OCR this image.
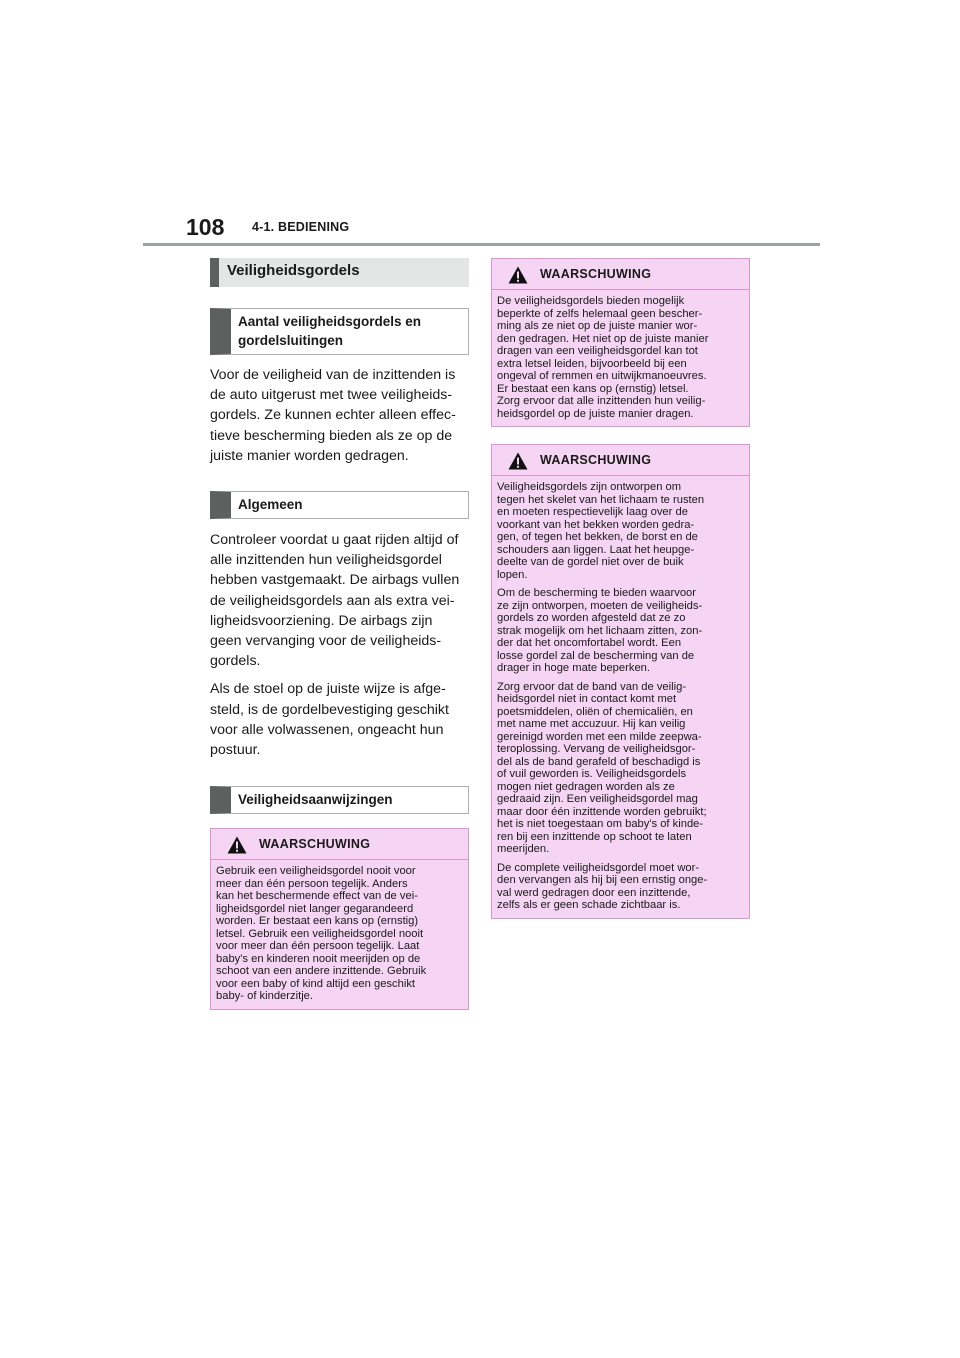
108 4-1. BEDIENING
Veiligheidsgordels
Aantal veiligheidsgordels en
gordelsluitingen

Voor de veiligheid van de inzittenden is
de auto uitgerust met twee veiligheids-
gordels. Ze kunnen echter alleen effec-
tieve bescherming bieden als ze op de
juiste manier worden gedragen.

Algemeen

Controleer voordat u gaat rijden altijd of
alle inzittenden hun veiligheidsgordel
hebben vastgemaakt. De airbags vullen
de veiligheidsgordels aan als extra vei-
ligheidsvoorziening. De airbags zijn
geen vervanging voor de veiligheids-
gordels.

Als de stoel op de juiste wijze is afge-
steld, is de gordelbevestiging geschikt
voor alle volwassenen, ongeacht hun
postuur.

Veiligheidsaanwijzingen
WAARSCHUWING

Gebruik een veiligheidsgordel nooit voor
meer dan één persoon tegelijk. Anders
kan het beschermende effect van de vei-
ligheidsgordel niet langer gegarandeerd
worden. Er bestaat een kans op (ernstig)
letsel. Gebruik een veiligheidsgordel nooit
voor meer dan één persoon tegelijk. Laat
baby's en kinderen nooit meerijden op de
schoot van een andere inzittende. Gebruik
voor een baby of kind altijd een geschikt
baby- of kinderzitje.

WAARSCHUWING

De veiligheidsgordels bieden mogelijk
beperkte of zelfs helemaal geen bescher-
ming als ze niet op de juiste manier wor-
den gedragen. Het niet op de juiste manier
dragen van een veiligheidsgordel kan tot
extra letsel leiden, bijvoorbeeld bij een
ongeval of remmen en uitwijkmanoeuvres.
Er bestaat een kans op (ernstig) letsel.
Zorg ervoor dat alle inzittenden hun veilig-
heidsgordel op de juiste manier dragen.

WAARSCHUWING

Veiligheidsgordels zijn ontworpen om
tegen het skelet van het lichaam te rusten
en moeten respectievelijk laag over de
voorkant van het bekken worden gedra-
gen, of tegen het bekken, de borst en de
schouders aan liggen. Laat het heupge-
deelte van de gordel niet over de buik
lopen.

Om de bescherming te bieden waarvoor
ze zijn ontworpen, moeten de veiligheids-
gordels zo worden afgesteld dat ze zo
strak mogelijk om het lichaam zitten, zon-
der dat het oncomfortabel wordt. Een
losse gordel zal de bescherming van de
drager in hoge mate beperken.

Zorg ervoor dat de band van de veilig-
heidsgordel niet in contact komt met
poetsmiddelen, oliën of chemicaliën, en
met name met accuzuur. Hij kan veilig
gereinigd worden met een milde zeepwa-
teroplossing. Vervang de veiligheidsgor-
del als de band gerafeld of beschadigd is
of vuil geworden is. Veiligheidsgordels
mogen niet gedragen worden als ze
gedraaid zijn. Een veiligheidsgordel mag
maar door één inzittende worden gebruikt;
het is niet toegestaan om baby's of kinde-
ren bij een inzittende op schoot te laten
meerijden.

De complete veiligheidsgordel moet wor-
den vervangen als hij bij een ernstig onge-
val werd gedragen door een inzittende,
zelfs als er geen schade zichtbaar is.
